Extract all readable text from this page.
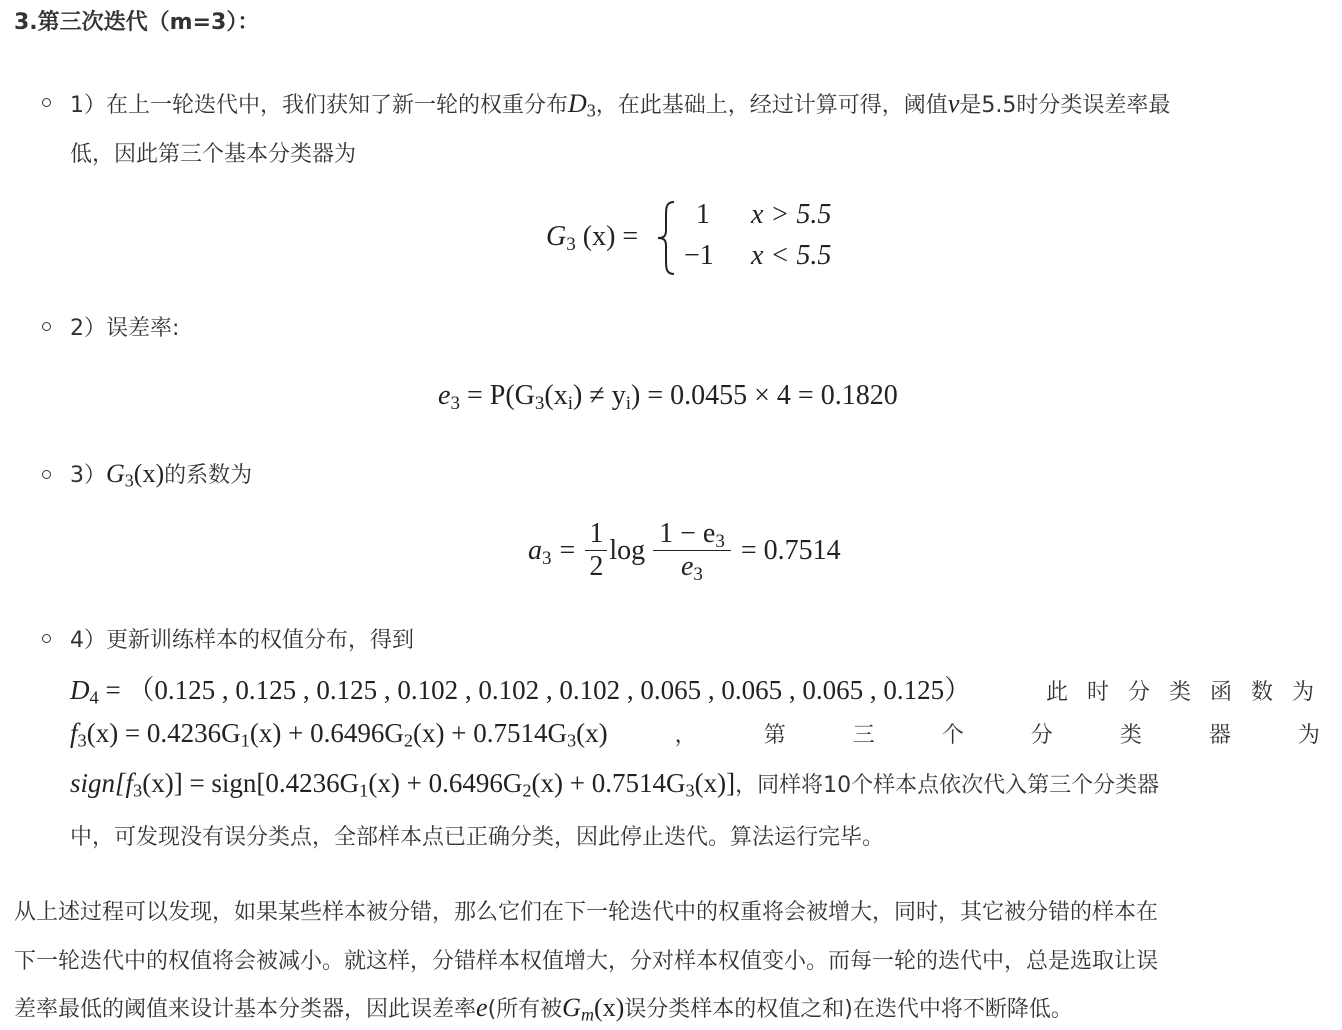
3.第三次迭代（m=3）：
1）在上一轮迭代中，我们获知了新一轮的权重分布$D_3$，在此基础上，经过计算可得，阈值v是5.5时分类误差率最
低，因此第三个基本分类器为
$G_3$ (x) =
1 x > 5.5
−1 x < 5.5
2）误差率:
$e_3 = P(G_3(x_i) \ne y_i) = 0.0455 \times 4 = 0.1820$
$3)G_3(x)$的系数为
$a_3 = \frac{1}{2}$ $\log \frac{1 - e_3}{e_3} = 0.7514$
4）更新训练样本的权值分布，得到
$D_4 = (0.125$ , 0.125 , 0.125 , 0.102 , 0.102 , 0.102 , 0.065 , 0.065 , 0.065 , 0.125）	此 时 分 类 函 数 为
$f_3(x) = 0.4236G_1(x) + 0.6496G_2(x) + 0.7514G_3(x)$	，	第	三	个	分	类	器	为
$sign[f_3(x)]$ = $sign[0.4236G_1(x) + 0.6496G_2(x) + 0.7514G_3(x)]$，同样将10个样本点依次代入第三个分类器
中，可发现没有误分类点，全部样本点已正确分类，因此停止迭代。算法运行完毕。
从上述过程可以发现，如果某些样本被分错，那么它们在下一轮迭代中的权重将会被增大，同时，其它被分错的样本在
下一轮迭代中的权值将会被减小。就这样，分错样本权值增大，分对样本权值变小。而每一轮的迭代中，总是选取让误
差率最低的阈值来设计基本分类器，因此误差率e(所有被$G_m(x)$误分类样本的权值之和)在迭代中将不断降低。
